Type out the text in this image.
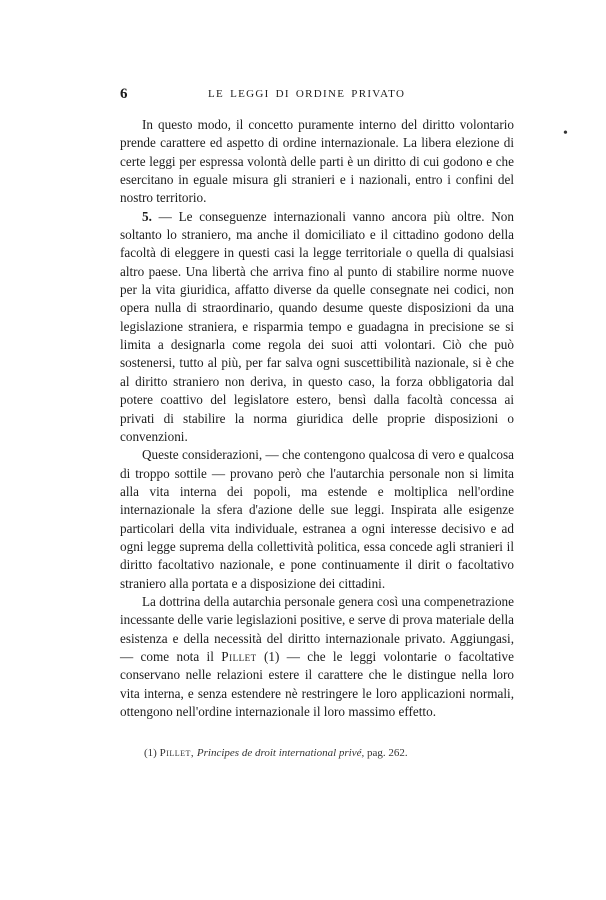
6	LE LEGGI DI ORDINE PRIVATO
•

In questo modo, il concetto puramente interno del diritto volontario prende carattere ed aspetto di ordine internazionale. La libera elezione di certe leggi per espressa volontà delle parti è un diritto di cui godono e che esercitano in eguale misura gli stranieri e i nazionali, entro i confini del nostro territorio.

5. — Le conseguenze internazionali vanno ancora più oltre. Non soltanto lo straniero, ma anche il domiciliato e il cittadino godono della facoltà di eleggere in questi casi la legge territoriale o quella di qualsiasi altro paese. Una libertà che arriva fino al punto di stabilire norme nuove per la vita giuridica, affatto diverse da quelle consegnate nei codici, non opera nulla di straordinario, quando desume queste disposizioni da una legislazione straniera, e risparmia tempo e guadagna in precisione se si limita a designarla come regola dei suoi atti volontari. Ciò che può sostenersi, tutto al più, per far salva ogni suscettibilità nazionale, si è che al diritto straniero non deriva, in questo caso, la forza obbligatoria dal potere coattivo del legislatore estero, bensì dalla facoltà concessa ai privati di stabilire la norma giuridica delle proprie disposizioni o convenzioni.

Queste considerazioni, — che contengono qualcosa di vero e qualcosa di troppo sottile — provano però che l'autarchia personale non si limita alla vita interna dei popoli, ma estende e moltiplica nell'ordine internazionale la sfera d'azione delle sue leggi. Inspirata alle esigenze particolari della vita individuale, estranea a ogni interesse decisivo e ad ogni legge suprema della collettività politica, essa concede agli stranieri il diritto facoltativo nazionale, e pone continuamente il dirit o facoltativo straniero alla portata e a disposizione dei cittadini.

La dottrina della autarchia personale genera così una compenetrazione incessante delle varie legislazioni positive, e serve di prova materiale della esistenza e della necessità del diritto internazionale privato. Aggiungasi, — come nota il Pillet (1) — che le leggi volontarie o facoltative conservano nelle relazioni estere il carattere che le distingue nella loro vita interna, e senza estendere nè restringere le loro applicazioni normali, ottengono nell'ordine internazionale il loro massimo effetto.

(1) Pillet, Principes de droit international privé, pag. 262.
